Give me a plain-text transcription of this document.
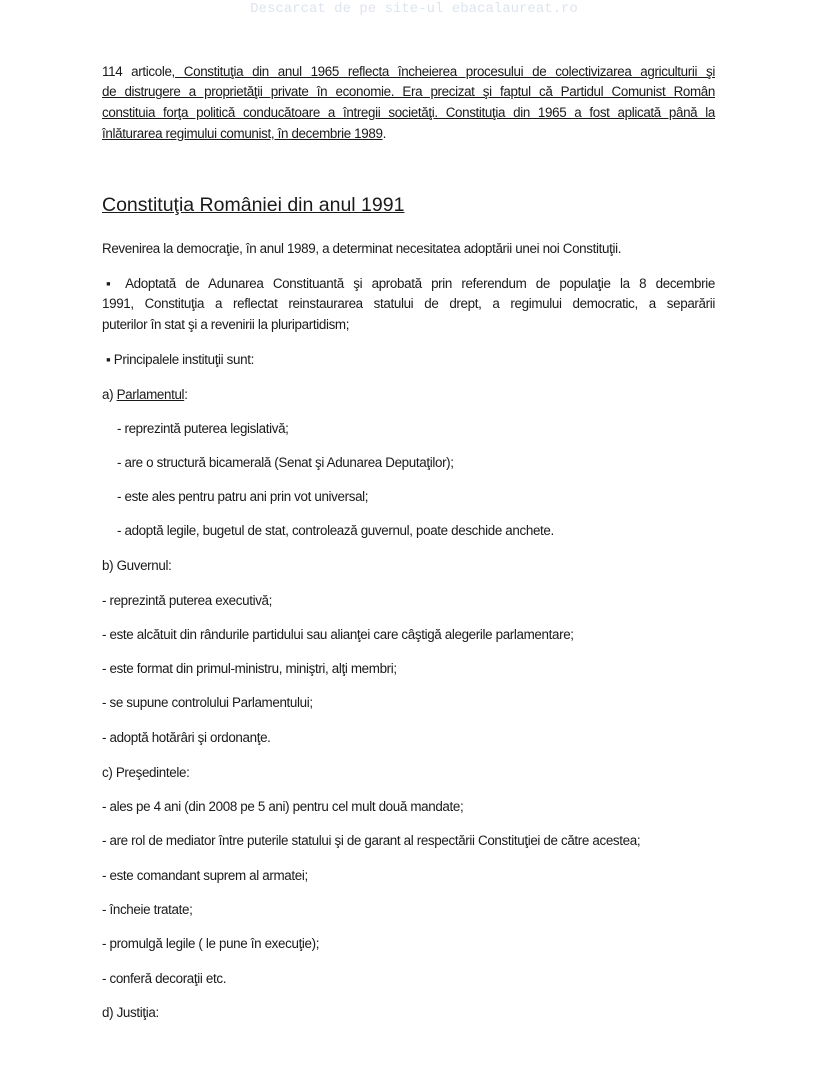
Descarcat de pe site-ul ebacalaureat.ro
114 articole, Constituţia din anul 1965 reflecta încheierea procesului de colectivizarea agriculturii şi
de distrugere a proprietăţii private în economie. Era precizat şi faptul că Partidul Comunist Român
constituia forţa politică conducătoare a întregii societăţi. Constituţia din 1965 a fost aplicată până la
înlăturarea regimului comunist, în decembrie 1989.
Constituţia României din anul 1991
Revenirea la democraţie, în anul 1989, a determinat necesitatea adoptării unei noi Constituţii.
▪ Adoptată de Adunarea Constituantă şi aprobată prin referendum de populaţie la 8 decembrie
1991, Constituţia a reflectat reinstaurarea statului de drept, a regimului democratic, a separării
puterilor în stat şi a revenirii la pluripartidism;
▪ Principalele instituţii sunt:
a) Parlamentul:
- reprezintă puterea legislativă;
- are o structură bicamerală (Senat şi Adunarea Deputaţilor);
- este ales pentru patru ani prin vot universal;
- adoptă legile, bugetul de stat, controlează guvernul, poate deschide anchete.
b) Guvernul:
- reprezintă puterea executivă;
- este alcătuit din rândurile partidului sau alianţei care câştigă alegerile parlamentare;
- este format din primul-ministru, miniştri, alţi membri;
- se supune controlului Parlamentului;
- adoptă hotărâri şi ordonanţe.
c) Preşedintele:
- ales pe 4 ani (din 2008 pe 5 ani) pentru cel mult două mandate;
- are rol de mediator între puterile statului şi de garant al respectării Constituţiei de către acestea;
- este comandant suprem al armatei;
- încheie tratate;
- promulgă legile ( le pune în execuţie);
- conferă decoraţii etc.
d) Justiţia:
